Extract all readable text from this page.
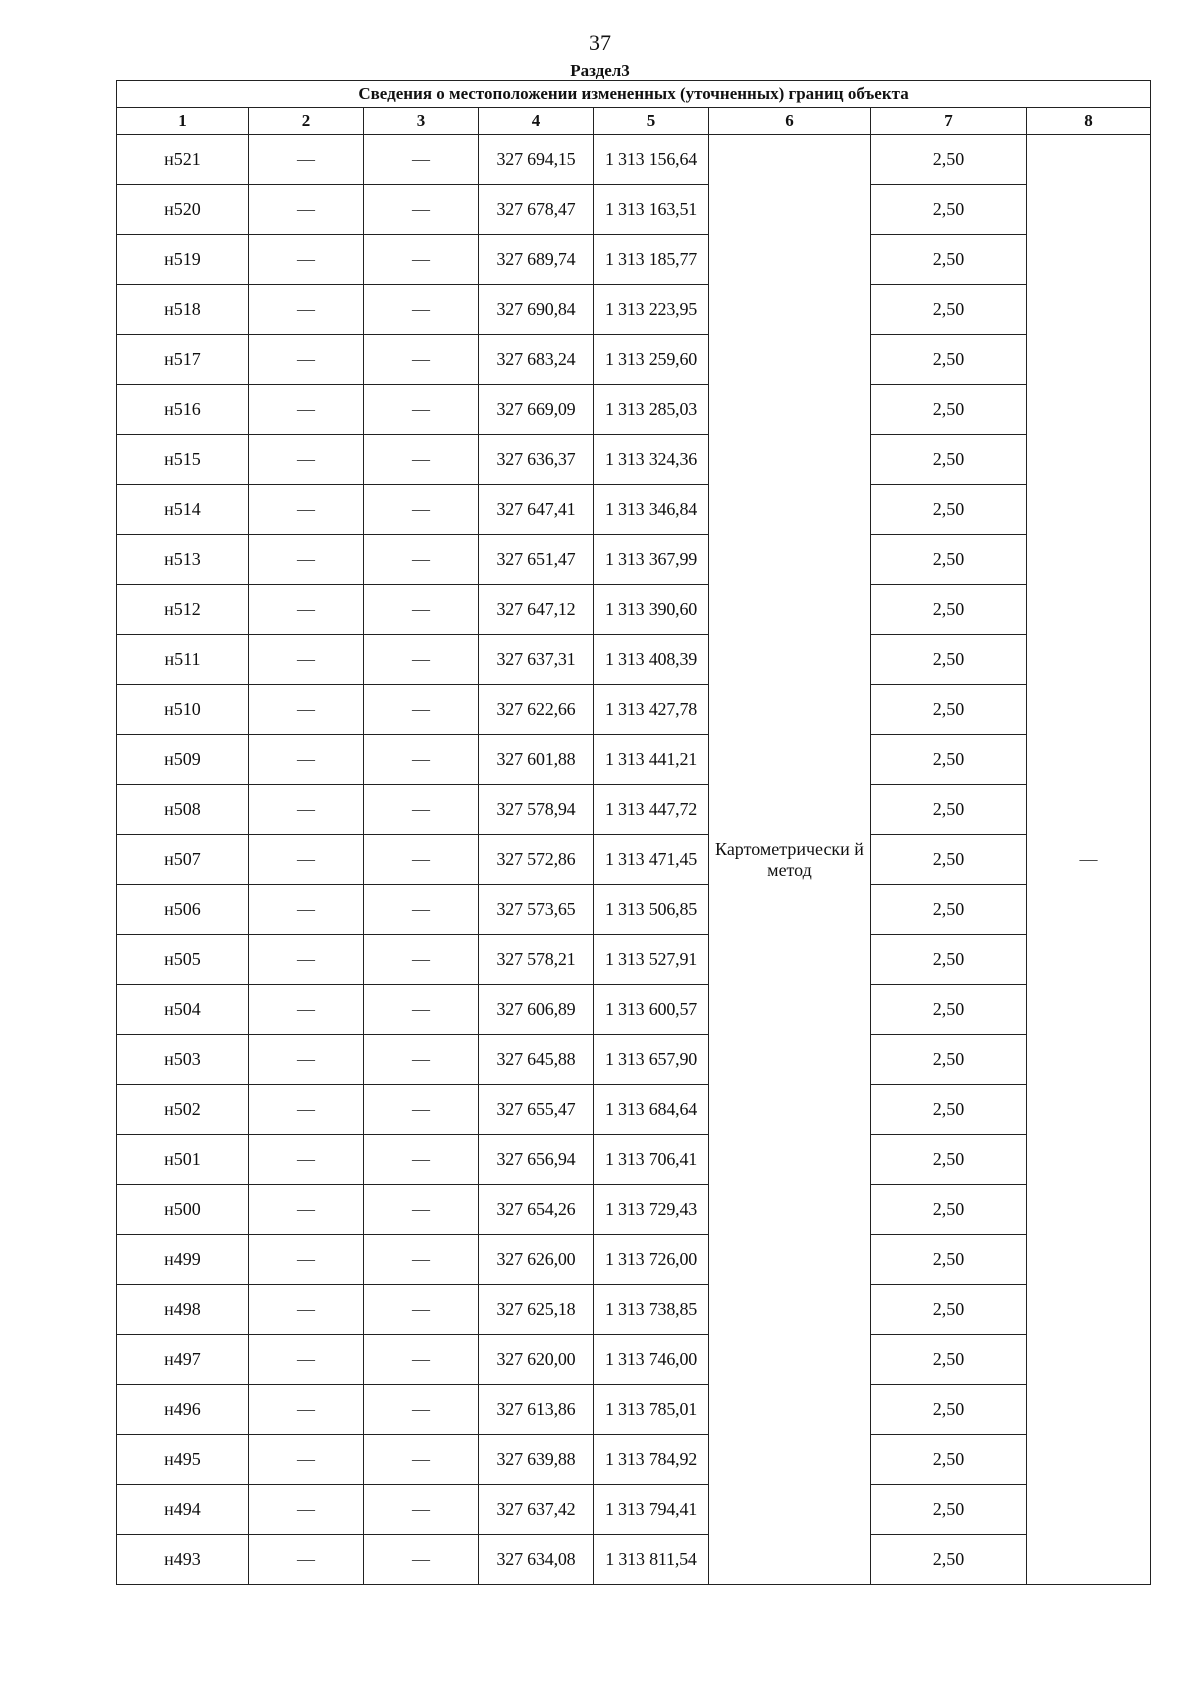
37
Раздел3
Сведения о местоположении измененных (уточненных) границ объекта							
1	2	3	4	5	6	7	8
н521	—	—	327 694,15	1 313 156,64	Картометрически й метод	2,50	—
н520	—	—	327 678,47	1 313 163,51		2,50	
н519	—	—	327 689,74	1 313 185,77		2,50	
н518	—	—	327 690,84	1 313 223,95		2,50	
н517	—	—	327 683,24	1 313 259,60		2,50	
н516	—	—	327 669,09	1 313 285,03		2,50	
н515	—	—	327 636,37	1 313 324,36		2,50	
н514	—	—	327 647,41	1 313 346,84		2,50	
н513	—	—	327 651,47	1 313 367,99		2,50	
н512	—	—	327 647,12	1 313 390,60		2,50	
н511	—	—	327 637,31	1 313 408,39		2,50	
н510	—	—	327 622,66	1 313 427,78		2,50	
н509	—	—	327 601,88	1 313 441,21		2,50	
н508	—	—	327 578,94	1 313 447,72		2,50	
н507	—	—	327 572,86	1 313 471,45		2,50	
н506	—	—	327 573,65	1 313 506,85		2,50	
н505	—	—	327 578,21	1 313 527,91		2,50	
н504	—	—	327 606,89	1 313 600,57		2,50	
н503	—	—	327 645,88	1 313 657,90		2,50	
н502	—	—	327 655,47	1 313 684,64		2,50	
н501	—	—	327 656,94	1 313 706,41		2,50	
н500	—	—	327 654,26	1 313 729,43		2,50	
н499	—	—	327 626,00	1 313 726,00		2,50	
н498	—	—	327 625,18	1 313 738,85		2,50	
н497	—	—	327 620,00	1 313 746,00		2,50	
н496	—	—	327 613,86	1 313 785,01		2,50	
н495	—	—	327 639,88	1 313 784,92		2,50	
н494	—	—	327 637,42	1 313 794,41		2,50	
н493	—	—	327 634,08	1 313 811,54		2,50	
